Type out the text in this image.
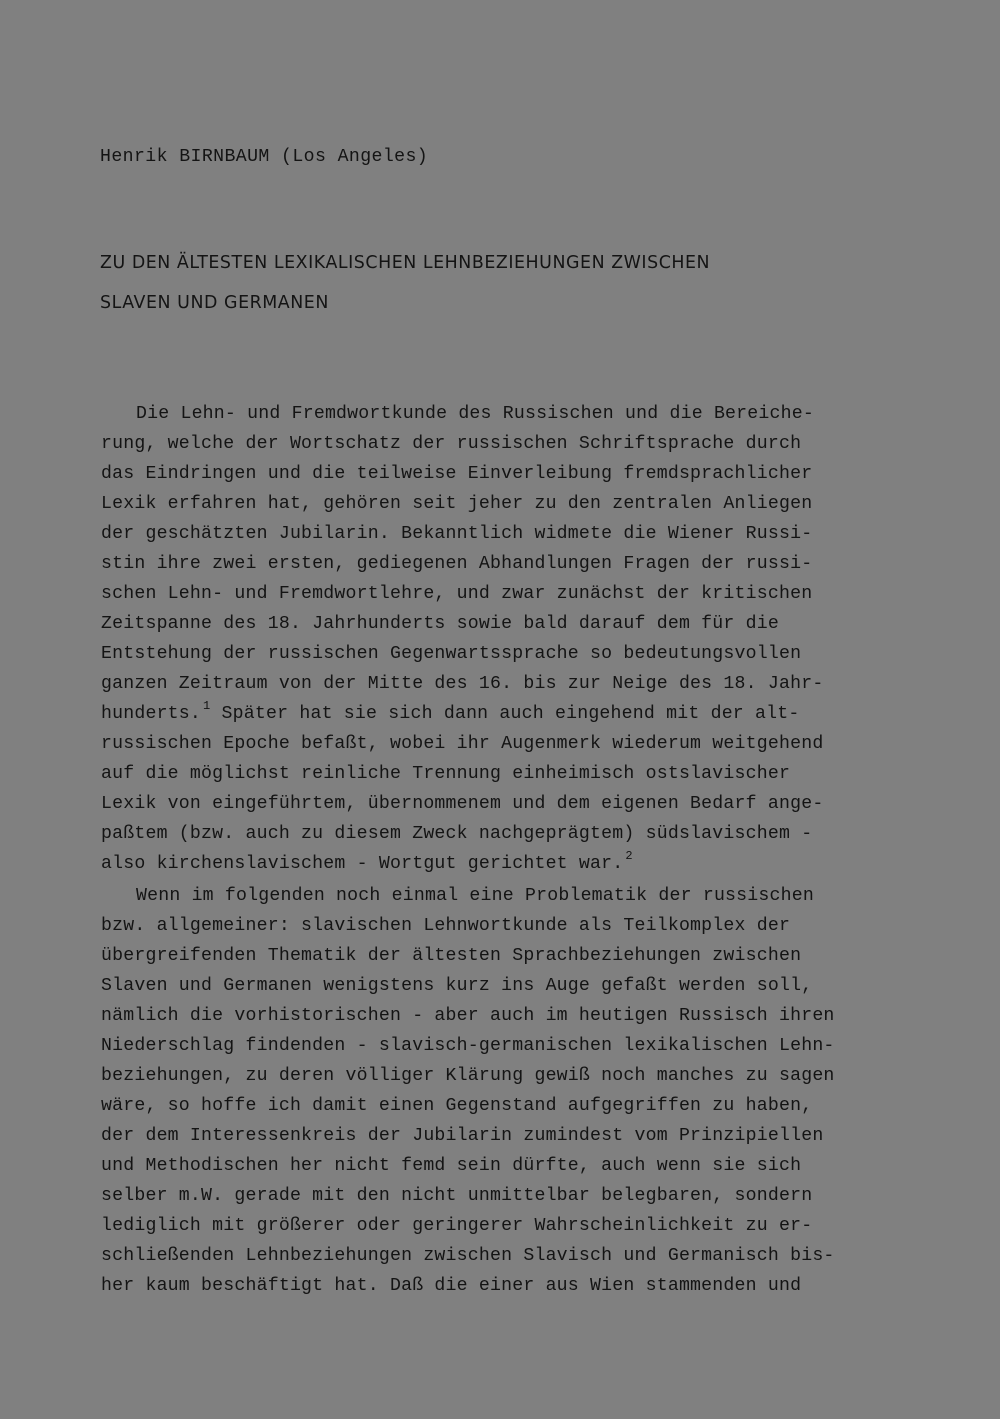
Henrik BIRNBAUM (Los Angeles)
ZU DEN ÄLTESTEN LEXIKALISCHEN LEHNBEZIEHUNGEN ZWISCHEN
SLAVEN UND GERMANEN
Die Lehn- und Fremdwortkunde des Russischen und die Bereiche-
rung, welche der Wortschatz der russischen Schriftsprache durch
das Eindringen und die teilweise Einverleibung fremdsprachlicher
Lexik erfahren hat, gehören seit jeher zu den zentralen Anliegen
der geschätzten Jubilarin. Bekanntlich widmete die Wiener Russi-
stin ihre zwei ersten, gediegenen Abhandlungen Fragen der russi-
schen Lehn- und Fremdwortlehre, und zwar zunächst der kritischen
Zeitspanne des 18. Jahrhunderts sowie bald darauf dem für die
Entstehung der russischen Gegenwartssprache so bedeutungsvollen
ganzen Zeitraum von der Mitte des 16. bis zur Neige des 18. Jahr-
hunderts. $^1$ Später hat sie sich dann auch eingehend mit der alt-
russischen Epoche befaßt, wobei ihr Augenmerk wiederum weitgehend
auf die möglichst reinliche Trennung einheimisch ostslavischer
Lexik von eingeführtem, übernommenem und dem eigenen Bedarf ange-
paßtem (bzw. auch zu diesem Zweck nachgeprägtem) südslavischem -
also kirchenslavischem - Wortgut gerichtet war. $^2$
Wenn im folgenden noch einmal eine Problematik der russischen
bzw. allgemeiner: slavischen Lehnwortkunde als Teilkomplex der
übergreifenden Thematik der ältesten Sprachbeziehungen zwischen
Slaven und Germanen wenigstens kurz ins Auge gefaßt werden soll,
nämlich die vorhistorischen - aber auch im heutigen Russisch ihren
Niederschlag findenden - slavisch-germanischen lexikalischen Lehn-
beziehungen, zu deren völliger Klärung gewiß noch manches zu sagen
wäre, so hoffe ich damit einen Gegenstand aufgegriffen zu haben,
der dem Interessenkreis der Jubilarin zumindest vom Prinzipiellen
und Methodischen her nicht femd sein dürfte, auch wenn sie sich
selber m.W. gerade mit den nicht unmittelbar belegbaren, sondern
lediglich mit größerer oder geringerer Wahrscheinlichkeit zu er-
schließenden Lehnbeziehungen zwischen Slavisch und Germanisch bis-
her kaum beschäftigt hat. Daß die einer aus Wien stammenden und
